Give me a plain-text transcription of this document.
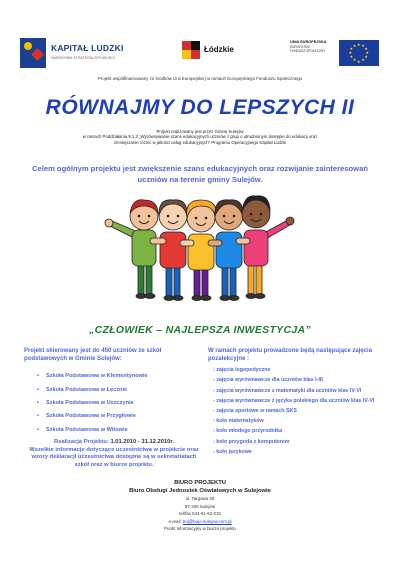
KAPITAŁ LUDZKI
NARODOWA STRATEGIA SPÓJNOŚCI
Łódzkie
UNIA EUROPEJSKA
EUROPEJSKI
FUNDUSZ SPOŁECZNY
★ ★
★
★
★
★
★
★
★
★
★
★
Projekt współfinansowany ze środków Unii Europejskiej w ramach Europejskiego Funduszu Społecznego
RÓWNAJMY DO LEPSZYCH II
Projekt realizowany jest przez Gminę Sulejów
w ramach Poddziałania 9.1.2 „Wyrównywanie szans edukacyjnych uczniów z grup o utrudnionym dostępie do edukacji oraz
zmniejszanie różnic w jakości usług edukacyjnych" Programu Operacyjnego Kapitał Ludzki
Celem ogólnym projektu jest zwiększenie szans edukacyjnych oraz rozwijanie zainteresowań uczniów na terenie gminy Sulejów.
„CZŁOWIEK – NAJLEPSZA INWESTYCJA”
Projekt skierowany jest do 450 uczniów ze szkół podstawowych w Gminie Sulejów:
• Szkoła Podstawowa w Klementynowie
• Szkoła Podstawowa w Łęcznie
• Szkoła Podstawowa w Uszczynie
• Szkoła Podstawowa w Przygłowie
• Szkoła Podstawowa w Witowie
Realizacja Projektu: 1.01.2010 - 31.12.2010r.
Wszelkie informacje dotyczące uczestnictwa w projekcie oraz wzory deklaracji uczestnictwa dostępne są w sekretariatach szkół oraz w biurze projektu.
W ramach projektu prowadzone będą następujące zajęcia pozalekcyjne :
- zajęcia logopedyczne
- zajęcia wyrównawcze dla uczniów klas I-III
- zajęcia wyrównawcze z matematyki dla uczniów klas IV-VI
- zajęcia wyrównawcze z języka polskiego dla uczniów klas IV-VI
- zajęcia sportowe w ramach SKS
- koło matematyków
- koło młodego przyrodnika
- koło przygoda z komputerem
- koło językowe
BIURO PROJEKTU
Biuro Obsługi Jednostek Oświatowych w Sulejowie
ul. Targowa 20
97-330 Sulejów
tel/fax 044-61-62-015
e-mail: boj@bojo-sulejow.com.pl
Punkt Informacyjny w biurze projektu
